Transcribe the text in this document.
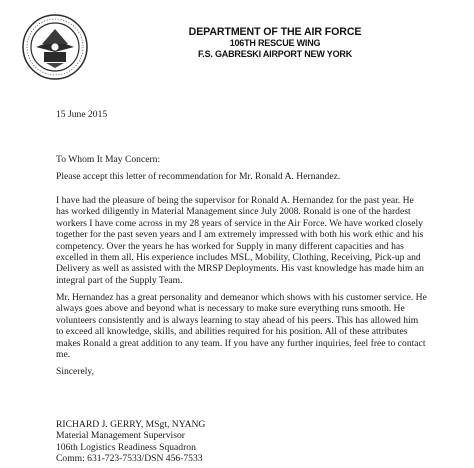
DEPARTMENT OF THE AIR FORCE
106TH RESCUE WING
F.S. GABRESKI AIRPORT NEW YORK
15 June 2015
To Whom It May Concern:
Please accept this letter of recommendation for Mr. Ronald A. Hernandez.
I have had the pleasure of being the supervisor for Ronald A. Hernandez for the past year. He
has worked diligently in Material Management since July 2008. Ronald is one of the hardest
workers I have come across in my 28 years of service in the Air Force. We have worked closely
together for the past seven years and I am extremely impressed with both his work ethic and his
competency. Over the years he has worked for Supply in many different capacities and has
excelled in them all. His experience includes MSL, Mobility, Clothing, Receiving, Pick-up and
Delivery as well as assisted with the MRSP Deployments. His vast knowledge has made him an
integral part of the Supply Team.
Mr. Hernandez has a great personality and demeanor which shows with his customer service. He
always goes above and beyond what is necessary to make sure everything runs smooth. He
volunteers consistently and is always learning to stay ahead of his peers. This has allowed him
to exceed all knowledge, skills, and abilities required for his position. All of these attributes
makes Ronald a great addition to any team. If you have any further inquiries, feel free to contact
me.
Sincerely,
RICHARD J. GERRY, MSgt, NYANG
Material Management Supervisor
106th Logistics Readiness Squadron
Comm: 631-723-7533/DSN 456-7533
